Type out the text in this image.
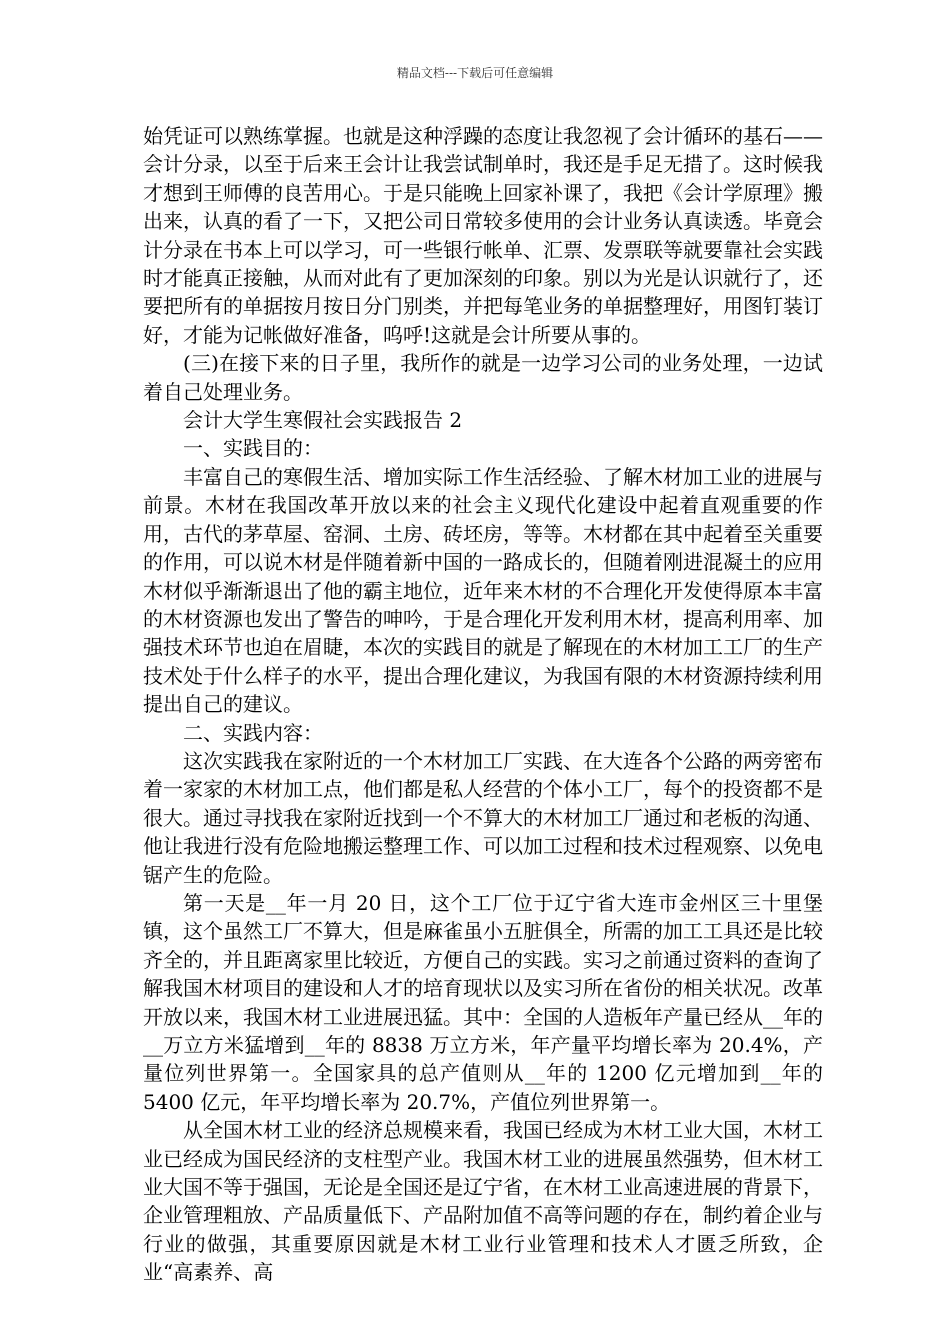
精品文档---下载后可任意编辑

始凭证可以熟练掌握。也就是这种浮躁的态度让我忽视了会计循环的基石——会计分录，以至于后来王会计让我尝试制单时，我还是手足无措了。这时候我才想到王师傅的良苦用心。于是只能晚上回家补课了，我把《会计学原理》搬出来，认真的看了一下，又把公司日常较多使用的会计业务认真读透。毕竟会计分录在书本上可以学习，可一些银行帐单、汇票、发票联等就要靠社会实践时才能真正接触，从而对此有了更加深刻的印象。别以为光是认识就行了，还要把所有的单据按月按日分门别类，并把每笔业务的单据整理好，用图钉装订好，才能为记帐做好准备，呜呼!这就是会计所要从事的。

(三)在接下来的日子里，我所作的就是一边学习公司的业务处理，一边试着自己处理业务。

会计大学生寒假社会实践报告 2

一、实践目的：

丰富自己的寒假生活、增加实际工作生活经验、了解木材加工业的进展与前景。木材在我国改革开放以来的社会主义现代化建设中起着直观重要的作用，古代的茅草屋、窑洞、土房、砖坯房，等等。木材都在其中起着至关重要的作用，可以说木材是伴随着新中国的一路成长的，但随着刚进混凝土的应用木材似乎渐渐退出了他的霸主地位，近年来木材的不合理化开发使得原本丰富的木材资源也发出了警告的呻吟，于是合理化开发利用木材，提高利用率、加强技术环节也迫在眉睫，本次的实践目的就是了解现在的木材加工工厂的生产技术处于什么样子的水平，提出合理化建议，为我国有限的木材资源持续利用提出自己的建议。

二、实践内容：

这次实践我在家附近的一个木材加工厂实践、在大连各个公路的两旁密布着一家家的木材加工点，他们都是私人经营的个体小工厂，每个的投资都不是很大。通过寻找我在家附近找到一个不算大的木材加工厂通过和老板的沟通、他让我进行没有危险地搬运整理工作、可以加工过程和技术过程观察、以免电锯产生的危险。

第一天是__年一月 20 日，这个工厂位于辽宁省大连市金州区三十里堡镇，这个虽然工厂不算大，但是麻雀虽小五脏俱全，所需的加工工具还是比较齐全的，并且距离家里比较近，方便自己的实践。实习之前通过资料的查询了解我国木材项目的建设和人才的培育现状以及实习所在省份的相关状况。改革开放以来，我国木材工业进展迅猛。其中：全国的人造板年产量已经从__年的__万立方米猛增到__年的 8838 万立方米，年产量平均增长率为 20.4%，产量位列世界第一。全国家具的总产值则从__年的 1200 亿元增加到__年的 5400 亿元，年平均增长率为 20.7%，产值位列世界第一。

从全国木材工业的经济总规模来看，我国已经成为木材工业大国，木材工业已经成为国民经济的支柱型产业。我国木材工业的进展虽然强势，但木材工业大国不等于强国，无论是全国还是辽宁省，在木材工业高速进展的背景下，企业管理粗放、产品质量低下、产品附加值不高等问题的存在，制约着企业与行业的做强，其重要原因就是木材工业行业管理和技术人才匮乏所致，企业“高素养、高
